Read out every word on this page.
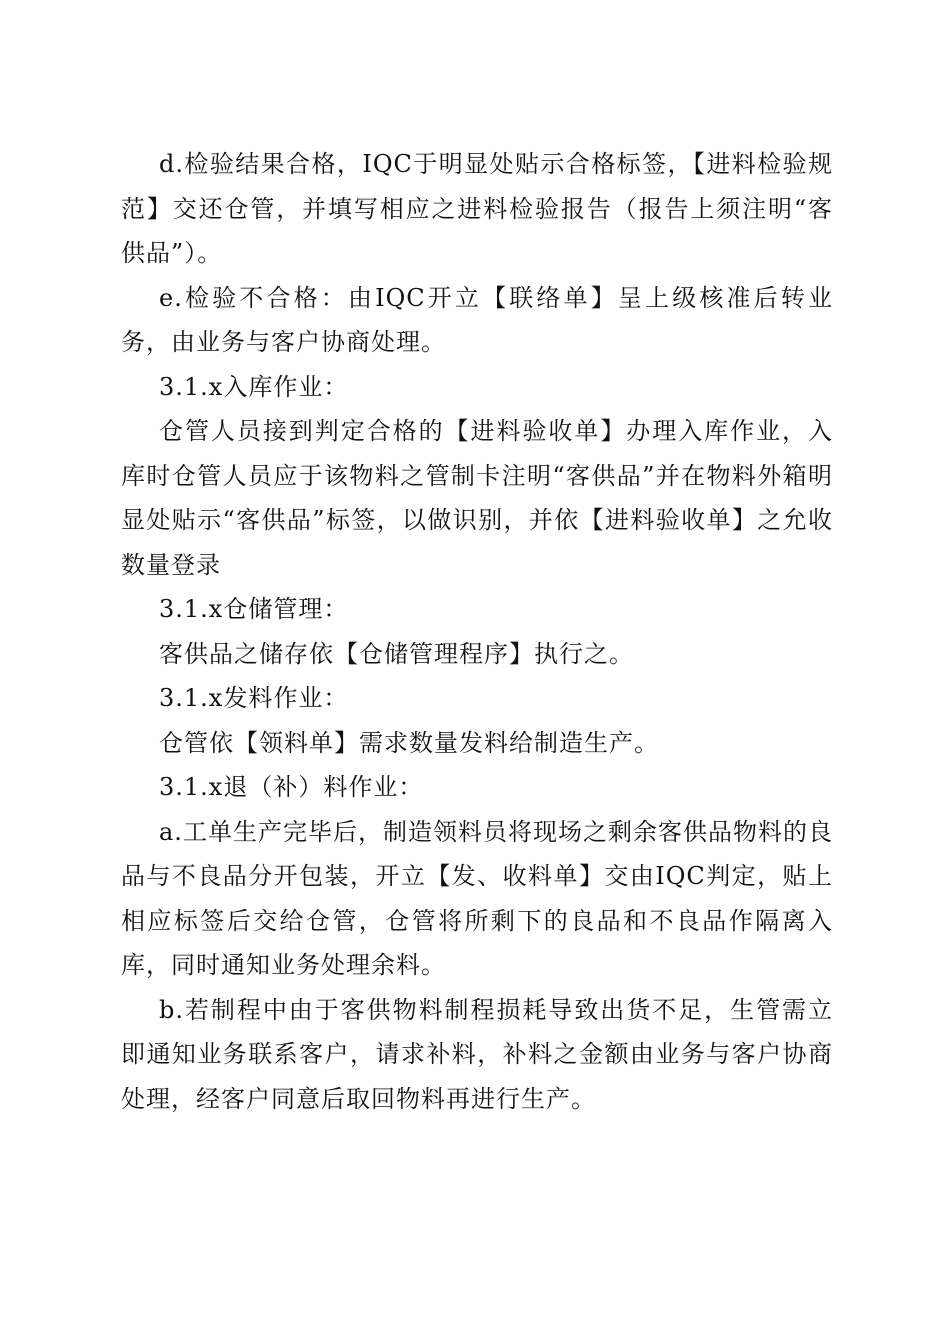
d.检验结果合格，IQC于明显处贴示合格标签，【进料检验规范】交还仓管，并填写相应之进料检验报告（报告上须注明“客供品”）。

e.检验不合格：由IQC开立【联络单】呈上级核准后转业务，由业务与客户协商处理。

3.1.x入库作业：

仓管人员接到判定合格的【进料验收单】办理入库作业，入库时仓管人员应于该物料之管制卡注明“客供品”并在物料外箱明显处贴示“客供品”标签，以做识别，并依【进料验收单】之允收数量登录

3.1.x仓储管理：

客供品之储存依【仓储管理程序】执行之。

3.1.x发料作业：

仓管依【领料单】需求数量发料给制造生产。

3.1.x退（补）料作业：

a.工单生产完毕后，制造领料员将现场之剩余客供品物料的良品与不良品分开包装，开立【发、收料单】交由IQC判定，贴上相应标签后交给仓管，仓管将所剩下的良品和不良品作隔离入库，同时通知业务处理余料。

b.若制程中由于客供物料制程损耗导致出货不足，生管需立即通知业务联系客户，请求补料，补料之金额由业务与客户协商处理，经客户同意后取回物料再进行生产。
